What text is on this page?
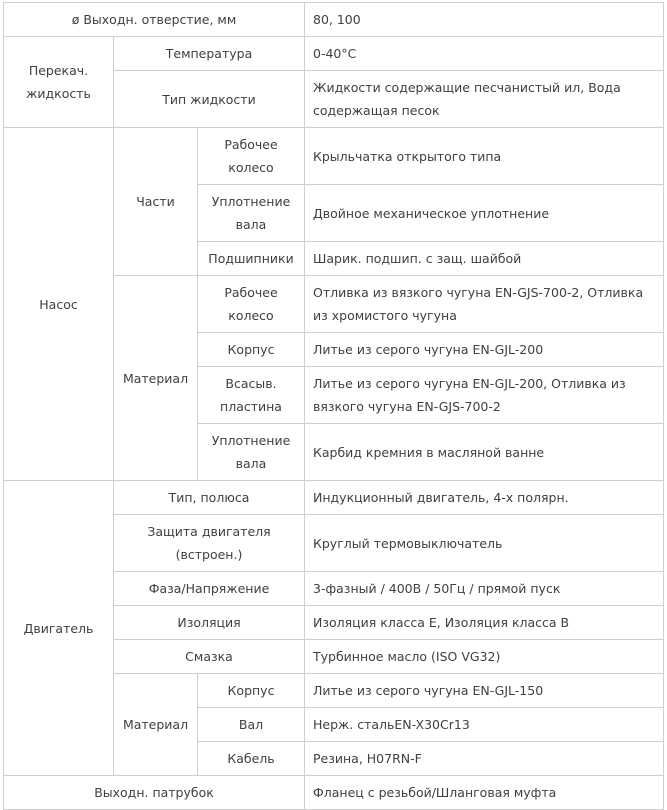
ø Выходн. отверстие, мм			80, 100
Перекач. жидкость	Температура		0-40°C
	Тип жидкости		Жидкости содержащие песчанистый ил, Вода содержащая песок
Насос	Части	Рабочее колесо	Крыльчатка открытого типа
		Уплотнение вала	Двойное механическое уплотнение
		Подшипники	Шарик. подшип. с защ. шайбой
	Материал	Рабочее колесо	Отливка из вязкого чугуна EN-GJS-700-2, Отливка из хромистого чугуна
		Корпус	Литье из серого чугуна EN-GJL-200
		Всасыв. пластина	Литье из серого чугуна EN-GJL-200, Отливка из вязкого чугуна EN-GJS-700-2
		Уплотнение вала	Карбид кремния в масляной ванне
Двигатель	Тип, полюса		Индукционный двигатель, 4-х полярн.
	Защита двигателя (встроен.)		Круглый термовыключатель
	Фаза/Напряжение		3-фазный / 400В / 50Гц / прямой пуск
	Изоляция		Изоляция класса E, Изоляция класса B
	Смазка		Турбинное масло (ISO VG32)
	Материал	Корпус	Литье из серого чугуна EN-GJL-150
		Вал	Нерж. стальEN-X30Cr13
		Кабель	Резина, H07RN-F
Выходн. патрубок			Фланец с резьбой/Шланговая муфта
